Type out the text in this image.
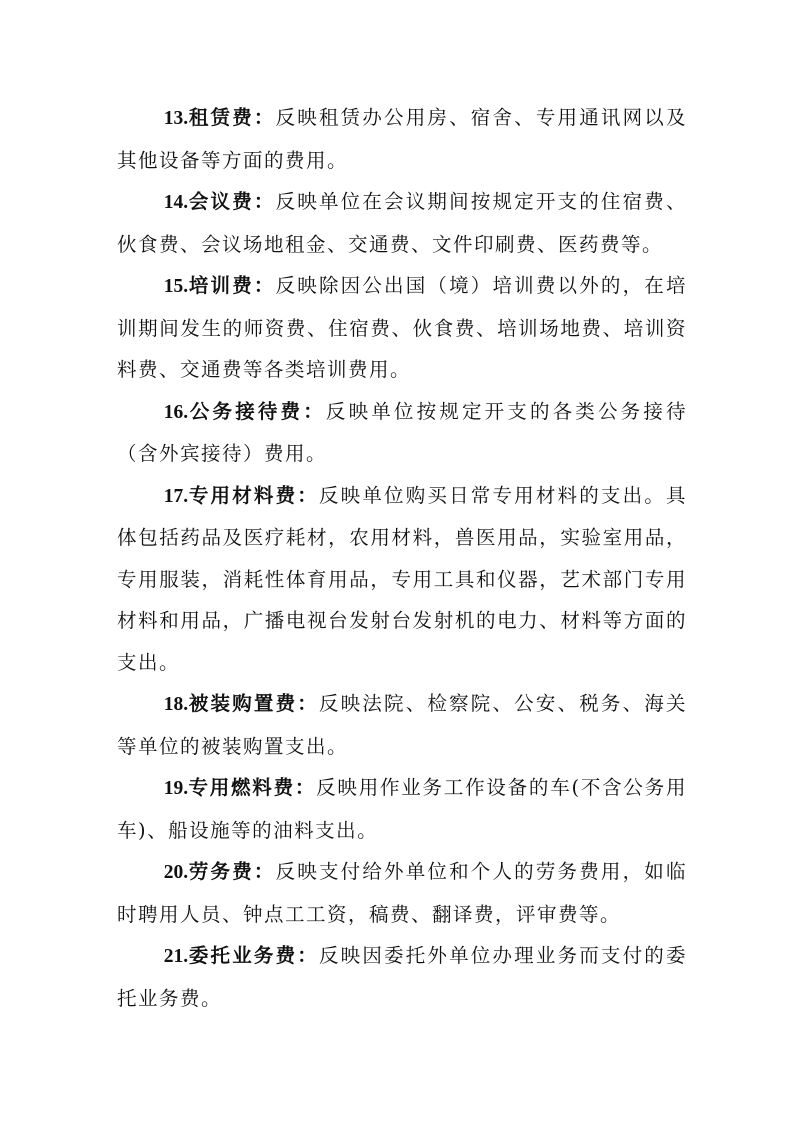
13.租赁费：反映租赁办公用房、宿舍、专用通讯网以及其他设备等方面的费用。

14.会议费：反映单位在会议期间按规定开支的住宿费、伙食费、会议场地租金、交通费、文件印刷费、医药费等。

15.培训费：反映除因公出国（境）培训费以外的，在培训期间发生的师资费、住宿费、伙食费、培训场地费、培训资料费、交通费等各类培训费用。

16.公务接待费：反映单位按规定开支的各类公务接待（含外宾接待）费用。

17.专用材料费：反映单位购买日常专用材料的支出。具体包括药品及医疗耗材，农用材料，兽医用品，实验室用品，专用服装，消耗性体育用品，专用工具和仪器，艺术部门专用材料和用品，广播电视台发射台发射机的电力、材料等方面的支出。

18.被装购置费：反映法院、检察院、公安、税务、海关等单位的被装购置支出。

19.专用燃料费：反映用作业务工作设备的车(不含公务用车)、船设施等的油料支出。

20.劳务费：反映支付给外单位和个人的劳务费用，如临时聘用人员、钟点工工资，稿费、翻译费，评审费等。

21.委托业务费：反映因委托外单位办理业务而支付的委托业务费。
